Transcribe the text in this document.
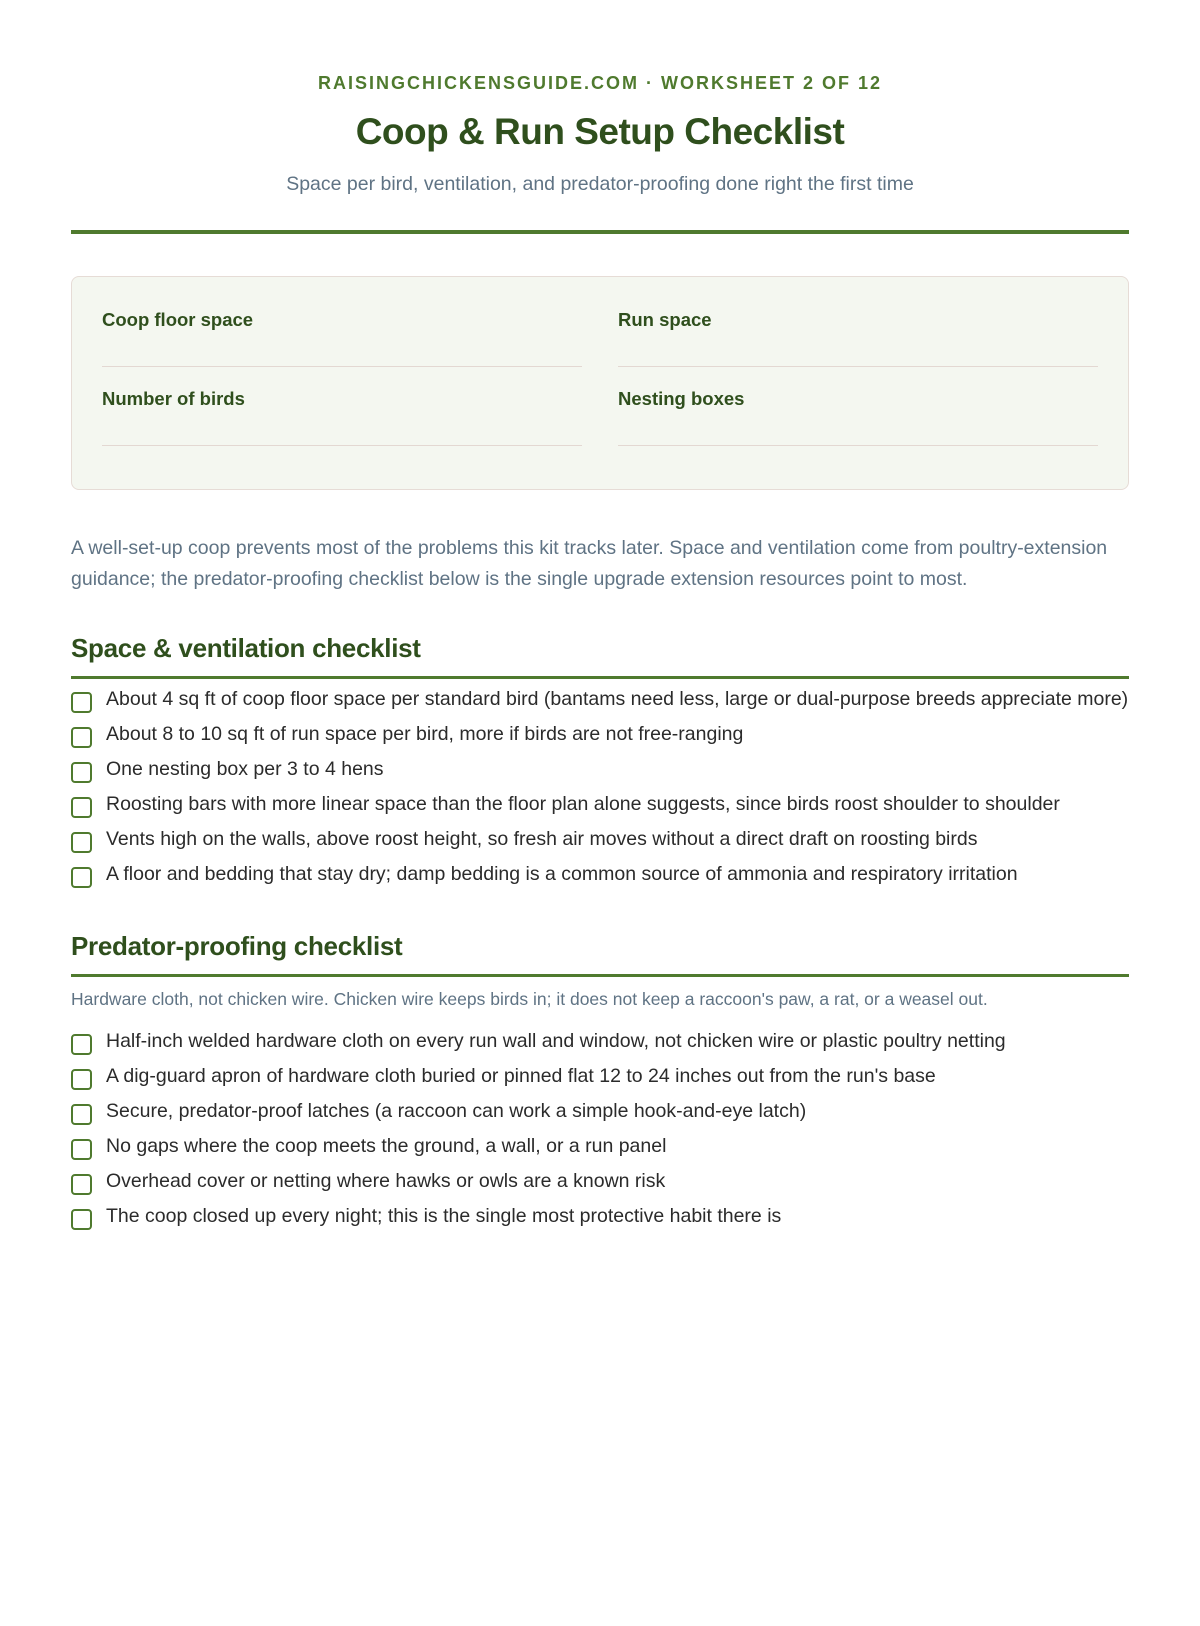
RAISINGCHICKENSGUIDE.COM · WORKSHEET 2 OF 12
Coop & Run Setup Checklist
Space per bird, ventilation, and predator-proofing done right the first time
Coop floor space	Run space
Number of birds	Nesting boxes

A well-set-up coop prevents most of the problems this kit tracks later. Space and ventilation come from poultry-extension guidance; the predator-proofing checklist below is the single upgrade extension resources point to most.

Space & ventilation checklist
About 4 sq ft of coop floor space per standard bird (bantams need less, large or dual-purpose breeds appreciate more)
About 8 to 10 sq ft of run space per bird, more if birds are not free-ranging
One nesting box per 3 to 4 hens
Roosting bars with more linear space than the floor plan alone suggests, since birds roost shoulder to shoulder
Vents high on the walls, above roost height, so fresh air moves without a direct draft on roosting birds
A floor and bedding that stay dry; damp bedding is a common source of ammonia and respiratory irritation
Predator-proofing checklist
Hardware cloth, not chicken wire. Chicken wire keeps birds in; it does not keep a raccoon's paw, a rat, or a weasel out.
Half-inch welded hardware cloth on every run wall and window, not chicken wire or plastic poultry netting
A dig-guard apron of hardware cloth buried or pinned flat 12 to 24 inches out from the run's base
Secure, predator-proof latches (a raccoon can work a simple hook-and-eye latch)
No gaps where the coop meets the ground, a wall, or a run panel
Overhead cover or netting where hawks or owls are a known risk
The coop closed up every night; this is the single most protective habit there is
